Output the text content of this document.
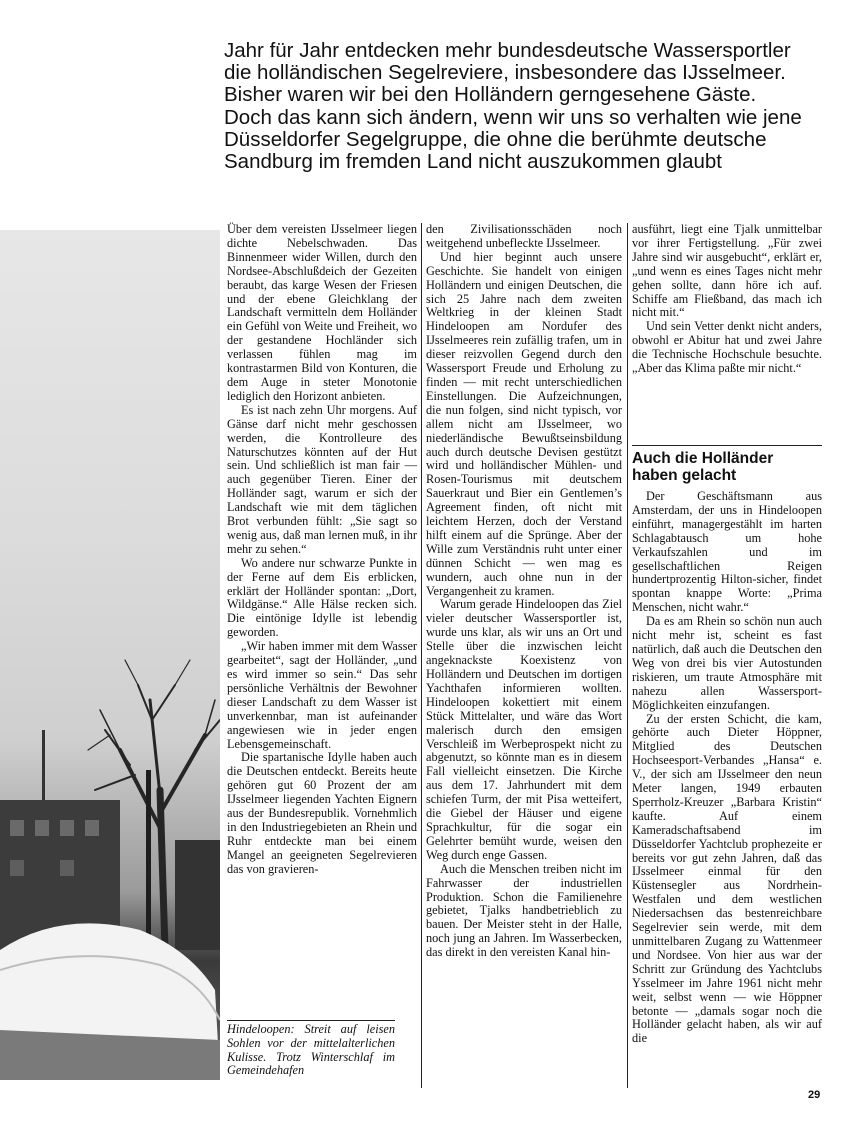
Jahr für Jahr entdecken mehr bundesdeutsche Wassersportler
die holländischen Segelreviere, insbesondere das IJsselmeer.
Bisher waren wir bei den Holländern gerngesehene Gäste.
Doch das kann sich ändern, wenn wir uns so verhalten wie jene
Düsseldorfer Segelgruppe, die ohne die berühmte deutsche
Sandburg im fremden Land nicht auszukommen glaubt

Über dem vereisten IJsselmeer liegen dichte Nebelschwaden. Das Binnenmeer wider Willen, durch den Nordsee-Abschlußdeich der Gezeiten beraubt, das karge Wesen der Friesen und der ebene Gleichklang der Landschaft vermitteln dem Holländer ein Gefühl von Weite und Freiheit, wo der gestandene Hochländer sich verlassen fühlen mag im kontrastarmen Bild von Konturen, die dem Auge in steter Monotonie lediglich den Horizont anbieten.

Es ist nach zehn Uhr morgens. Auf Gänse darf nicht mehr geschossen werden, die Kontrolleure des Naturschutzes könnten auf der Hut sein. Und schließlich ist man fair — auch gegenüber Tieren. Einer der Holländer sagt, warum er sich der Landschaft wie mit dem täglichen Brot verbunden fühlt: „Sie sagt so wenig aus, daß man lernen muß, in ihr mehr zu sehen.“

Wo andere nur schwarze Punkte in der Ferne auf dem Eis erblicken, erklärt der Holländer spontan: „Dort, Wildgänse.“ Alle Hälse recken sich. Die eintönige Idylle ist lebendig geworden.

„Wir haben immer mit dem Wasser gearbeitet“, sagt der Holländer, „und es wird immer so sein.“ Das sehr persönliche Verhältnis der Bewohner dieser Landschaft zu dem Wasser ist unverkennbar, man ist aufeinander angewiesen wie in jeder engen Lebensgemeinschaft.

Die spartanische Idylle haben auch die Deutschen entdeckt. Bereits heute gehören gut 60 Prozent der am IJsselmeer liegenden Yachten Eignern aus der Bundesrepublik. Vornehmlich in den Industriegebieten an Rhein und Ruhr entdeckte man bei einem Mangel an geeigneten Segelrevieren das von gravieren-

den Zivilisationsschäden noch weitgehend unbefleckte IJsselmeer.

Und hier beginnt auch unsere Geschichte. Sie handelt von einigen Holländern und einigen Deutschen, die sich 25 Jahre nach dem zweiten Weltkrieg in der kleinen Stadt Hindeloopen am Nordufer des IJsselmeeres rein zufällig trafen, um in dieser reizvollen Gegend durch den Wassersport Freude und Erholung zu finden — mit recht unterschiedlichen Einstellungen. Die Aufzeichnungen, die nun folgen, sind nicht typisch, vor allem nicht am IJsselmeer, wo niederländische Bewußtseinsbildung auch durch deutsche Devisen gestützt wird und holländischer Mühlen- und Rosen-Tourismus mit deutschem Sauerkraut und Bier ein Gentlemen’s Agreement finden, oft nicht mit leichtem Herzen, doch der Verstand hilft einem auf die Sprünge. Aber der Wille zum Verständnis ruht unter einer dünnen Schicht — wen mag es wundern, auch ohne nun in der Vergangenheit zu kramen.

Warum gerade Hindeloopen das Ziel vieler deutscher Wassersportler ist, wurde uns klar, als wir uns an Ort und Stelle über die inzwischen leicht angeknackste Koexistenz von Holländern und Deutschen im dortigen Yachthafen informieren wollten. Hindeloopen kokettiert mit einem Stück Mittelalter, und wäre das Wort malerisch durch den emsigen Verschleiß im Werbeprospekt nicht zu abgenutzt, so könnte man es in diesem Fall vielleicht einsetzen. Die Kirche aus dem 17. Jahrhundert mit dem schiefen Turm, der mit Pisa wetteifert, die Giebel der Häuser und eigene Sprachkultur, für die sogar ein Gelehrter bemüht wurde, weisen den Weg durch enge Gassen.

Auch die Menschen treiben nicht im Fahrwasser der industriellen Produktion. Schon die Familienehre gebietet, Tjalks handbetrieblich zu bauen. Der Meister steht in der Halle, noch jung an Jahren. Im Wasserbecken, das direkt in den vereisten Kanal hin-

ausführt, liegt eine Tjalk unmittelbar vor ihrer Fertigstellung. „Für zwei Jahre sind wir ausgebucht“, erklärt er, „und wenn es eines Tages nicht mehr gehen sollte, dann höre ich auf. Schiffe am Fließband, das mach ich nicht mit.“

Und sein Vetter denkt nicht anders, obwohl er Abitur hat und zwei Jahre die Technische Hochschule besuchte. „Aber das Klima paßte mir nicht.“

Auch die Holländer haben gelacht

Der Geschäftsmann aus Amsterdam, der uns in Hindeloopen einführt, managergestählt im harten Schlagabtausch um hohe Verkaufszahlen und im gesellschaftlichen Reigen hundertprozentig Hilton-sicher, findet spontan knappe Worte: „Prima Menschen, nicht wahr.“

Da es am Rhein so schön nun auch nicht mehr ist, scheint es fast natürlich, daß auch die Deutschen den Weg von drei bis vier Autostunden riskieren, um traute Atmosphäre mit nahezu allen Wassersport-Möglichkeiten einzufangen.

Zu der ersten Schicht, die kam, gehörte auch Dieter Höppner, Mitglied des Deutschen Hochseesport-Verbandes „Hansa“ e. V., der sich am IJsselmeer den neun Meter langen, 1949 erbauten Sperrholz-Kreuzer „Barbara Kristin“ kaufte. Auf einem Kameradschaftsabend im Düsseldorfer Yachtclub prophezeite er bereits vor gut zehn Jahren, daß das IJsselmeer einmal für den Küstensegler aus Nordrhein-Westfalen und dem westlichen Niedersachsen das bestenreichbare Segelrevier sein werde, mit dem unmittelbaren Zugang zu Wattenmeer und Nordsee. Von hier aus war der Schritt zur Gründung des Yachtclubs Ysselmeer im Jahre 1961 nicht mehr weit, selbst wenn — wie Höppner betonte — „damals sogar noch die Holländer gelacht haben, als wir auf die

Hindeloopen: Streit auf leisen Sohlen vor der mittelalterlichen Kulisse. Trotz Winterschlaf im Gemeindehafen
29
